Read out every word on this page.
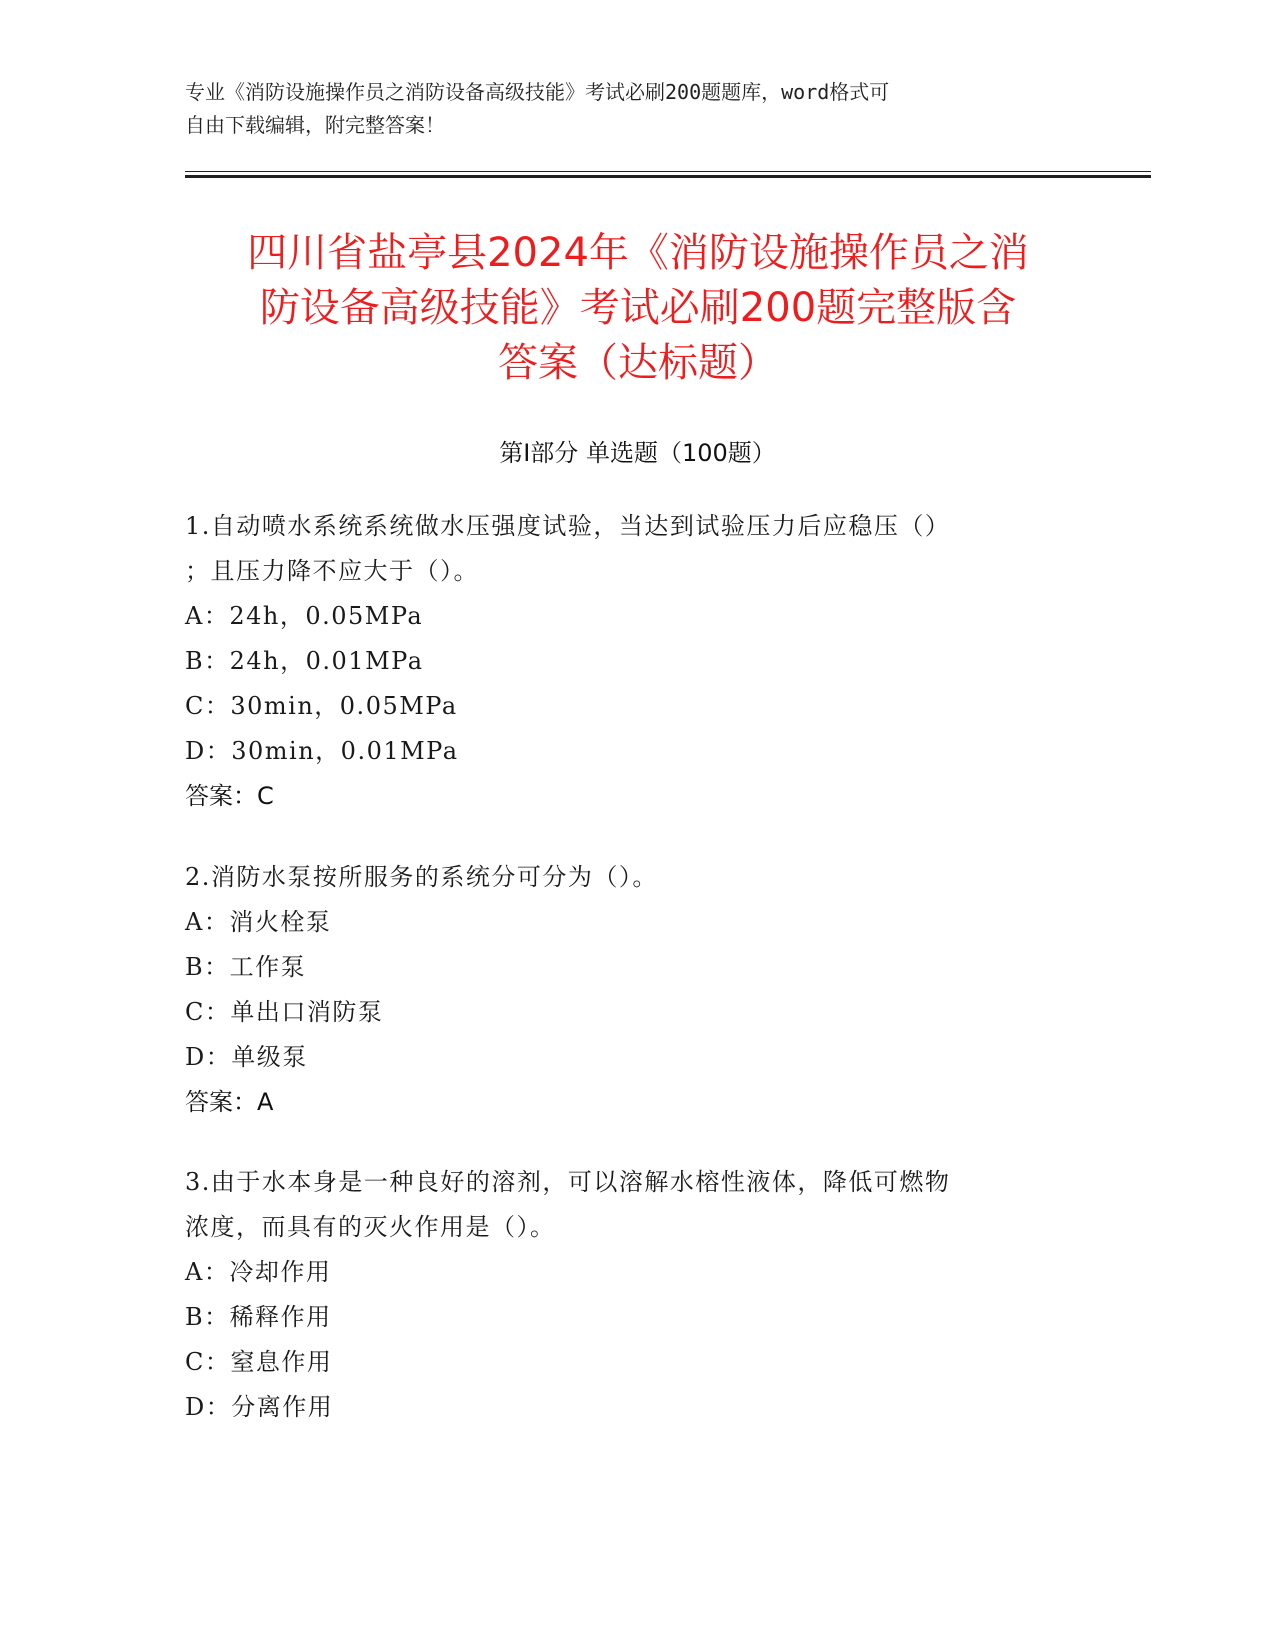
专业《消防设施操作员之消防设备高级技能》考试必刷200题题库，word格式可
自由下载编辑，附完整答案！
四川省盐亭县2024年《消防设施操作员之消
防设备高级技能》考试必刷200题完整版含
答案（达标题）
第I部分 单选题（100题）
1.自动喷水系统系统做水压强度试验，当达到试验压力后应稳压（）
；且压力降不应大于（）。
A：24h，0.05MPa
B：24h，0.01MPa
C：30min，0.05MPa
D：30min，0.01MPa
答案：C
2.消防水泵按所服务的系统分可分为（）。
A：消火栓泵
B：工作泵
C：单出口消防泵
D：单级泵
答案：A
3.由于水本身是一种良好的溶剂，可以溶解水榕性液体，降低可燃物
浓度，而具有的灭火作用是（）。
A：冷却作用
B：稀释作用
C：窒息作用
D：分离作用
